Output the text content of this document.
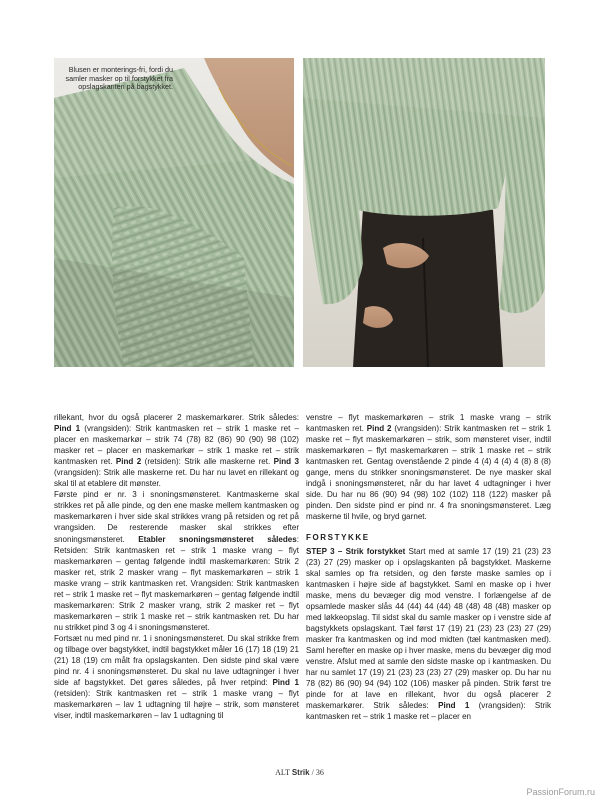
Blusen er monterings-fri, fordi du samler masker op til forstykket fra opslagskanten på bagstykket.

rillekant, hvor du også placerer 2 maskemarkører. Strik således: Pind 1 (vrangsiden): Strik kantmasken ret – strik 1 maske ret – placer en maskemarkør – strik 74 (78) 82 (86) 90 (90) 98 (102) masker ret – placer en maskemarkør – strik 1 maske ret – strik kantmasken ret. Pind 2 (retsiden): Strik alle maskerne ret. Pind 3 (vrangsiden): Strik alle maskerne ret. Du har nu lavet en rillekant og skal til at etablere dit mønster.

Første pind er nr. 3 i snoningsmønsteret. Kantmaskerne skal strikkes ret på alle pinde, og den ene maske mellem kantmasken og maskemarkøren i hver side skal strikkes vrang på retsiden og ret på vrangsiden. De resterende masker skal strikkes efter snoningsmønsteret. Etabler snoningsmønsteret således: Retsiden: Strik kantmasken ret – strik 1 maske vrang – flyt maskemarkøren – gentag følgende indtil maskemarkøren: Strik 2 masker ret, strik 2 masker vrang – flyt maskemarkøren – strik 1 maske vrang – strik kantmasken ret. Vrangsiden: Strik kantmasken ret – strik 1 maske ret – flyt maskemarkøren – gentag følgende indtil maskemarkøren: Strik 2 masker vrang, strik 2 masker ret – flyt maskemarkøren – strik 1 maske ret – strik kantmasken ret. Du har nu strikket pind 3 og 4 i snoningsmønsteret.

Fortsæt nu med pind nr. 1 i snoningsmønsteret. Du skal strikke frem og tilbage over bagstykket, indtil bagstykket måler 16 (17) 18 (19) 21 (21) 18 (19) cm målt fra opslagskanten. Den sidste pind skal være pind nr. 4 i snoningsmønsteret. Du skal nu lave udtagninger i hver side af bagstykket. Det gøres således, på hver retpind: Pind 1 (retsiden): Strik kantmasken ret – strik 1 maske vrang – flyt maskemarkøren – lav 1 udtagning til højre – strik, som mønsteret viser, indtil maskemarkøren – lav 1 udtagning til

venstre – flyt maskemarkøren – strik 1 maske vrang – strik kantmasken ret. Pind 2 (vrangsiden): Strik kantmasken ret – strik 1 maske ret – flyt maskemarkøren – strik, som mønsteret viser, indtil maskemarkøren – flyt maskemarkøren – strik 1 maske ret – strik kantmasken ret. Gentag ovenstående 2 pinde 4 (4) 4 (4) 4 (8) 8 (8) gange, mens du strikker snoningsmønsteret. De nye masker skal indgå i snoningsmønsteret, når du har lavet 4 udtagninger i hver side. Du har nu 86 (90) 94 (98) 102 (102) 118 (122) masker på pinden. Den sidste pind er pind nr. 4 fra snoningsmønsteret. Læg maskerne til hvile, og bryd garnet.

FORSTYKKE

STEP 3 – Strik forstykket Start med at samle 17 (19) 21 (23) 23 (23) 27 (29) masker op i opslagskanten på bagstykket. Maskerne skal samles op fra retsiden, og den første maske samles op i kantmasken i højre side af bagstykket. Saml en maske op i hver maske, mens du bevæger dig mod venstre. I forlængelse af de opsamlede masker slås 44 (44) 44 (44) 48 (48) 48 (48) masker op med løkkeopslag. Til sidst skal du samle masker op i venstre side af bagstykkets opslagskant. Tæl først 17 (19) 21 (23) 23 (23) 27 (29) masker fra kantmasken og ind mod midten (tæl kantmasken med). Saml herefter en maske op i hver maske, mens du bevæger dig mod venstre. Afslut med at samle den sidste maske op i kantmasken. Du har nu samlet 17 (19) 21 (23) 23 (23) 27 (29) masker op. Du har nu 78 (82) 86 (90) 94 (94) 102 (106) masker på pinden. Strik først tre pinde for at lave en rillekant, hvor du også placerer 2 maskemarkører. Strik således: Pind 1 (vrangsiden): Strik kantmasken ret – strik 1 maske ret – placer en

ALT Strik / 36
PassionForum.ru
